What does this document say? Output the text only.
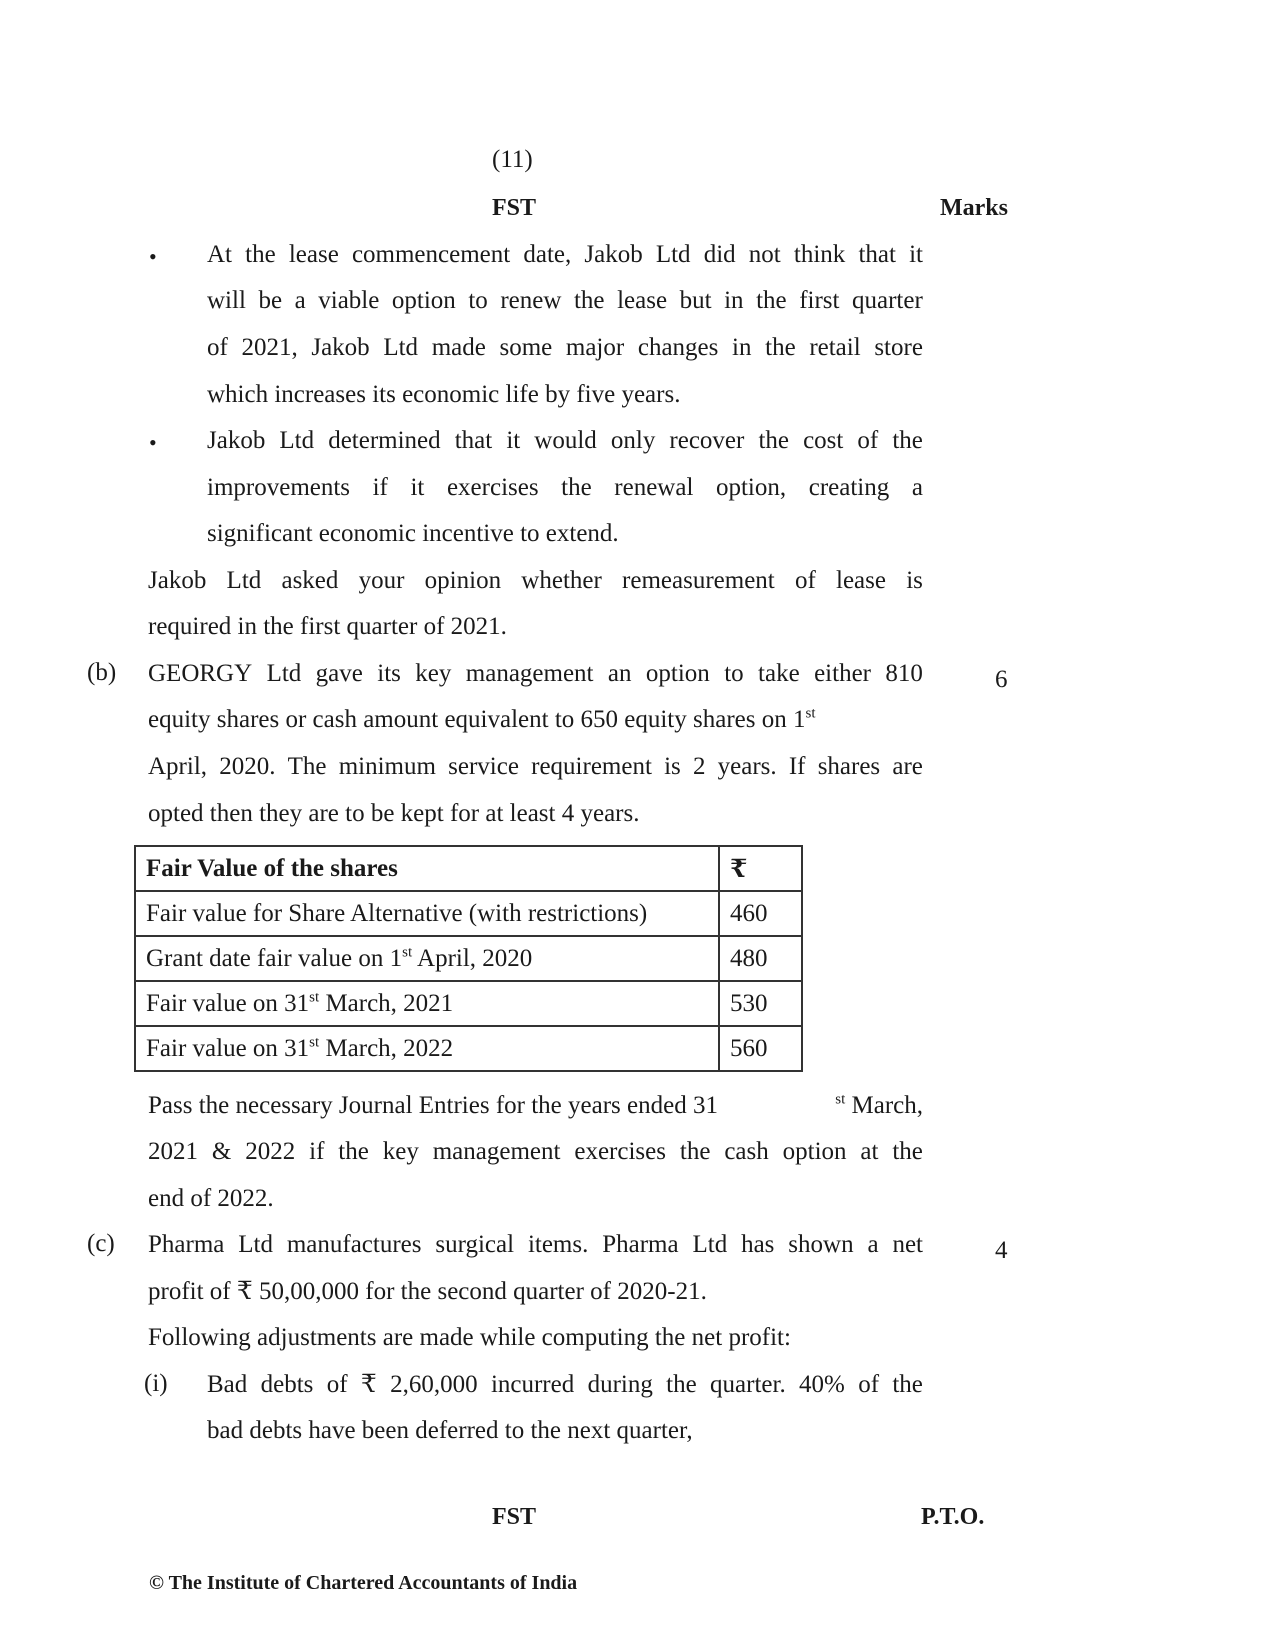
(11)
FST	Marks
• At the lease commencement date, Jakob Ltd did not think that it
will be a viable option to renew the lease but in the first quarter
of 2021, Jakob Ltd made some major changes in the retail store
which increases its economic life by five years.
• Jakob Ltd determined that it would only recover the cost of the
improvements if it exercises the renewal option, creating a
significant economic incentive to extend.
Jakob Ltd asked your opinion whether remeasurement of lease is
required in the first quarter of 2021.
(b)	6
GEORGY Ltd gave its key management an option to take either 810
equity shares or cash amount equivalent to 650 equity shares on 1st
April, 2020. The minimum service requirement is 2 years. If shares are
opted then they are to be kept for at least 4 years.
Fair Value of the shares	₹
Fair value for Share Alternative (with restrictions)	460
Grant date fair value on 1st April, 2020	480
Fair value on 31st March, 2021	530
Fair value on 31st March, 2022	560
Pass the necessary Journal Entries for the years ended 31	$^{st}$ March,
2021 & 2022 if the key management exercises the cash option at the
end of 2022.
(c)	4
Pharma Ltd manufactures surgical items. Pharma Ltd has shown a net
profit of ₹ 50,00,000 for the second quarter of 2020-21.
Following adjustments are made while computing the net profit:
(i) Bad debts of ₹ 2,60,000 incurred during the quarter. 40% of the
bad debts have been deferred to the next quarter,
FST	P.T.O.
© The Institute of Chartered Accountants of India
